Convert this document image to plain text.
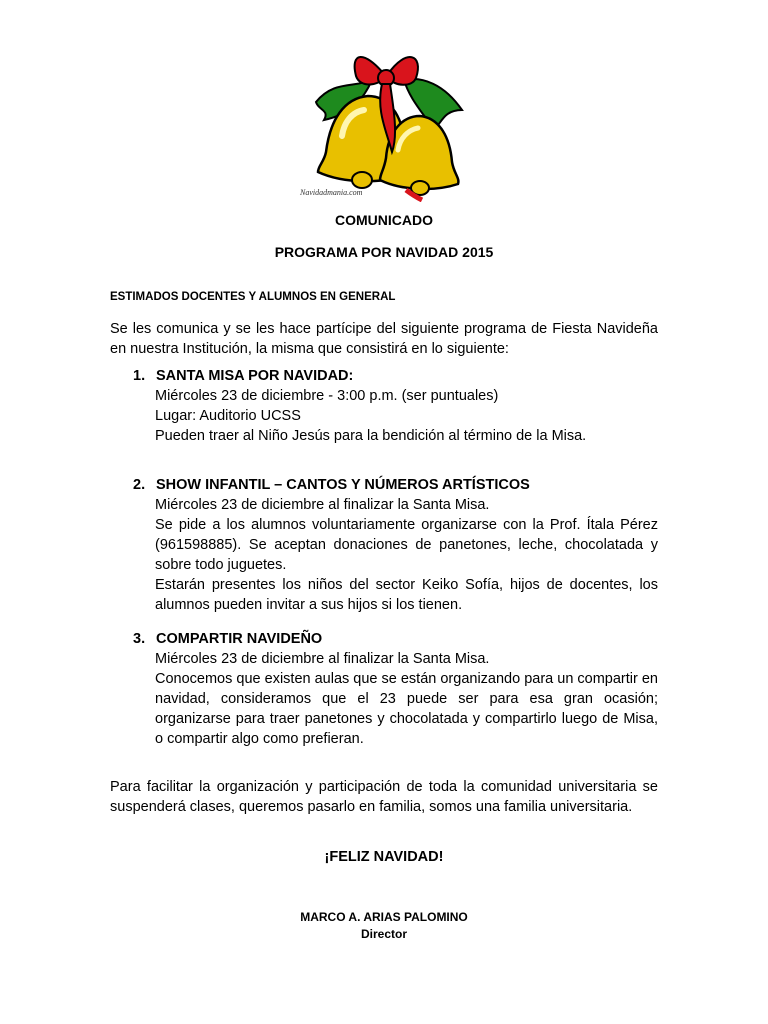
Navidadmania.com
COMUNICADO
PROGRAMA POR NAVIDAD 2015
ESTIMADOS DOCENTES Y ALUMNOS EN GENERAL
Se les comunica y se les hace partícipe del siguiente programa de Fiesta Navideña en nuestra Institución, la misma que consistirá en lo siguiente:
1. SANTA MISA POR NAVIDAD:
Miércoles 23 de diciembre - 3:00 p.m. (ser puntuales)
Lugar: Auditorio UCSS
Pueden traer al Niño Jesús para la bendición al término de la Misa.
2. SHOW INFANTIL – CANTOS Y NÚMEROS ARTÍSTICOS
Miércoles 23 de diciembre al finalizar la Santa Misa.
Se pide a los alumnos voluntariamente organizarse con la Prof. Ítala Pérez (961598885). Se aceptan donaciones de panetones, leche, chocolatada y sobre todo juguetes.
Estarán presentes los niños del sector Keiko Sofía, hijos de docentes, los alumnos pueden invitar a sus hijos si los tienen.
3. COMPARTIR NAVIDEÑO
Miércoles 23 de diciembre al finalizar la Santa Misa.
Conocemos que existen aulas que se están organizando para un compartir en navidad, consideramos que el 23 puede ser para esa gran ocasión; organizarse para traer panetones y chocolatada y compartirlo luego de Misa, o compartir algo como prefieran.
Para facilitar la organización y participación de toda la comunidad universitaria se suspenderá clases, queremos pasarlo en familia, somos una familia universitaria.
¡FELIZ NAVIDAD!
MARCO A. ARIAS PALOMINO
Director
